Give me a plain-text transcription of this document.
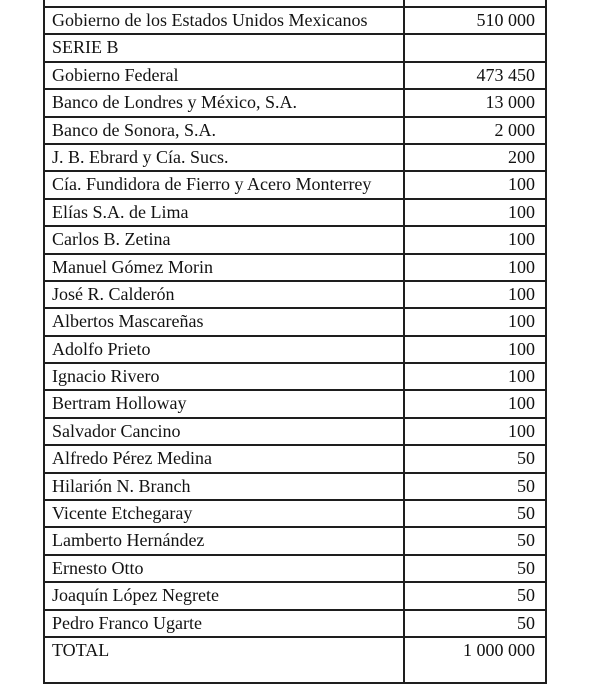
Gobierno de los Estados Unidos Mexicanos	510 000
SERIE B	
Gobierno Federal	473 450
Banco de Londres y México, S.A.	13 000
Banco de Sonora, S.A.	2 000
J. B. Ebrard y Cía. Sucs.	200
Cía. Fundidora de Fierro y Acero Monterrey	100
Elías S.A. de Lima	100
Carlos B. Zetina	100
Manuel Gómez Morin	100
José R. Calderón	100
Albertos Mascareñas	100
Adolfo Prieto	100
Ignacio Rivero	100
Bertram Holloway	100
Salvador Cancino	100
Alfredo Pérez Medina	50
Hilarión N. Branch	50
Vicente Etchegaray	50
Lamberto Hernández	50
Ernesto Otto	50
Joaquín López Negrete	50
Pedro Franco Ugarte	50
TOTAL	1 000 000
